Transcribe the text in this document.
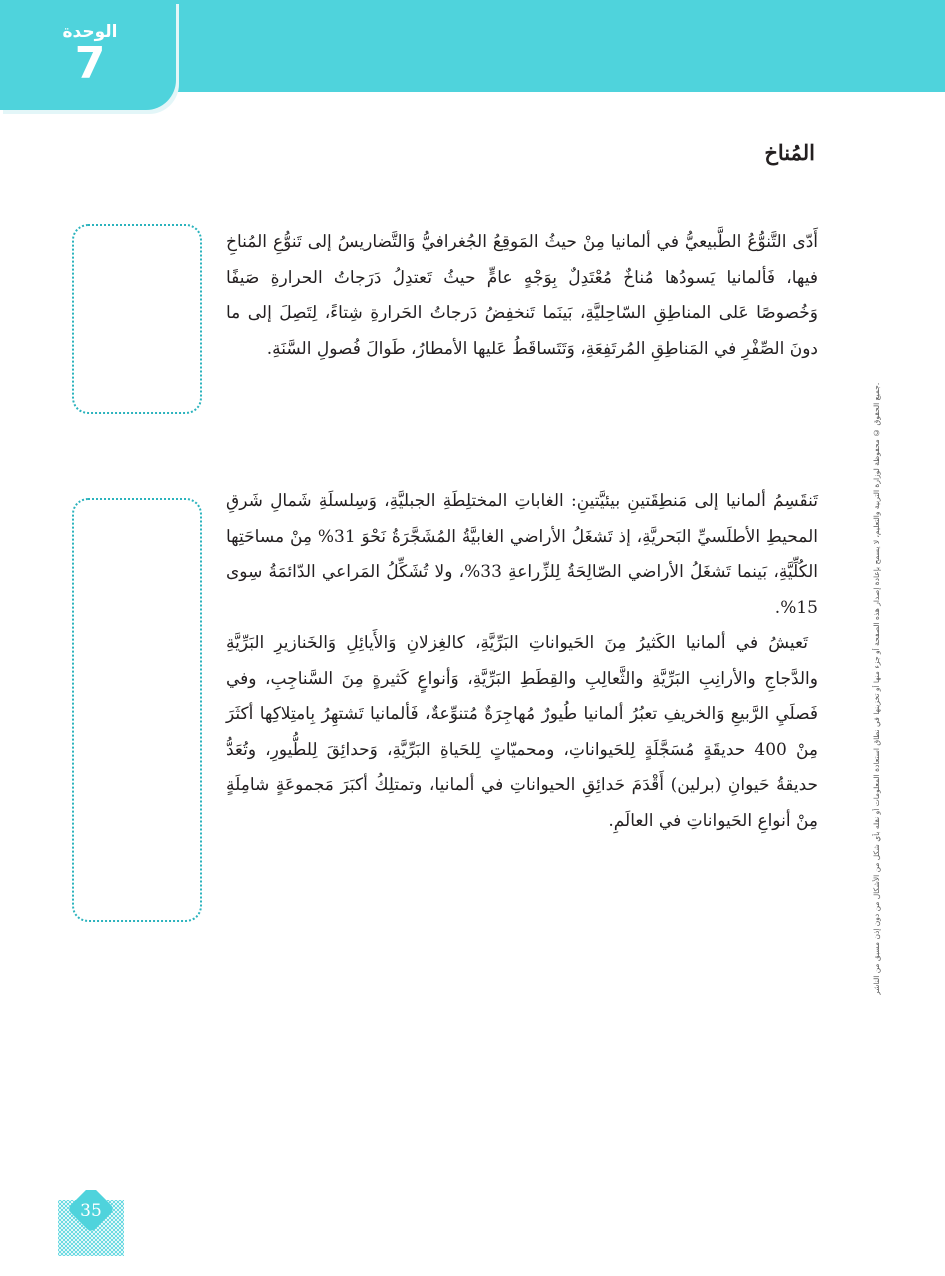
الوحدة
7
المُناخ

أَدّى التَّنوُّعُ الطَّبيعيُّ في ألمانيا مِنْ حيثُ المَوقِعُ الجُغرافيُّ وَالتَّضاريسُ إلى تَنوُّعِ المُناخِ فيها، فَألمانيا يَسودُها مُناخٌ مُعْتَدِلٌ بِوَجْهٍ عامٍّ حيثُ تَعتدِلُ دَرَجاتُ الحرارةِ صَيفًا وَخُصوصًا عَلى المناطِقِ السّاحِليَّةِ، بَينَما تَنخفِضُ دَرجاتُ الحَرارةِ شِتاءً، لِتَصِلَ إلى ما دونَ الصِّفْرِ في المَناطِقِ المُرتَفِعَةِ، وَتَتَساقَطُ عَليها الأمطارُ، طَوالَ فُصولِ السَّنَةِ.

تَنقَسِمُ ألمانيا إلى مَنطِقَتينِ بيئيَّتينِ: الغاباتِ المختلِطَةِ الجبليَّةِ، وَسِلسلَةِ شَمالِ شَرقِ المحيطِ الأطلَسيِّ البَحريَّةِ، إذ تَشغَلُ الأراضي الغابيَّةُ المُشَجَّرَةُ نَحْوَ 31% مِنْ مساحَتِها الكُلِّيَّةِ، بَينما تَشغَلُ الأراضي الصّالِحَةُ لِلزِّراعةِ 33%، ولا تُشَكِّلُ المَراعي الدّائمَةُ سِوى 15%.

تَعيشُ في ألمانيا الكَثيرُ مِنَ الحَيواناتِ البَرِّيَّةِ، كالغِزلانِ وَالأَيائِلِ وَالخَنازيرِ البَرِّيَّةِ والدَّجاجِ والأرانِبِ البَرِّيَّةِ والثَّعالِبِ والقِطَطِ البَرِّيَّةِ، وَأنواعٍ كَثيرةٍ مِنَ السَّناجِبِ، وفي فَصلَيِ الرَّبيعِ وَالخريفِ تعبُرُ ألمانيا طُيورٌ مُهاجِرَةٌ مُتنوِّعةٌ، فَألمانيا تَشتهِرُ بِامتِلاكِها أكثَرَ مِنْ 400 حديقَةٍ مُسَجَّلَةٍ لِلحَيواناتِ، ومحميّاتٍ لِلحَياةِ البَرِّيَّةِ، وَحدائِقَ لِلطُّيورِ، وتُعَدُّ حديقةُ حَيوانِ (برلين) أَقْدَمَ حَدائِقِ الحيواناتِ في ألمانيا، وتمتلِكُ أكبَرَ مَجموعَةٍ شامِلَةٍ مِنْ أنواعِ الحَيواناتِ في العالَمِ.	جميع الحقوق © محفوظة لوزارة التربية والتعليم، لا يسمح بإعادة إصدار هذه الصفحة أو جزء منها أو تخزينها في نطاق استعادة المعلومات أو نقله بأي شكل من الأشكال من دون إذن مسبق من الناشر.
35
